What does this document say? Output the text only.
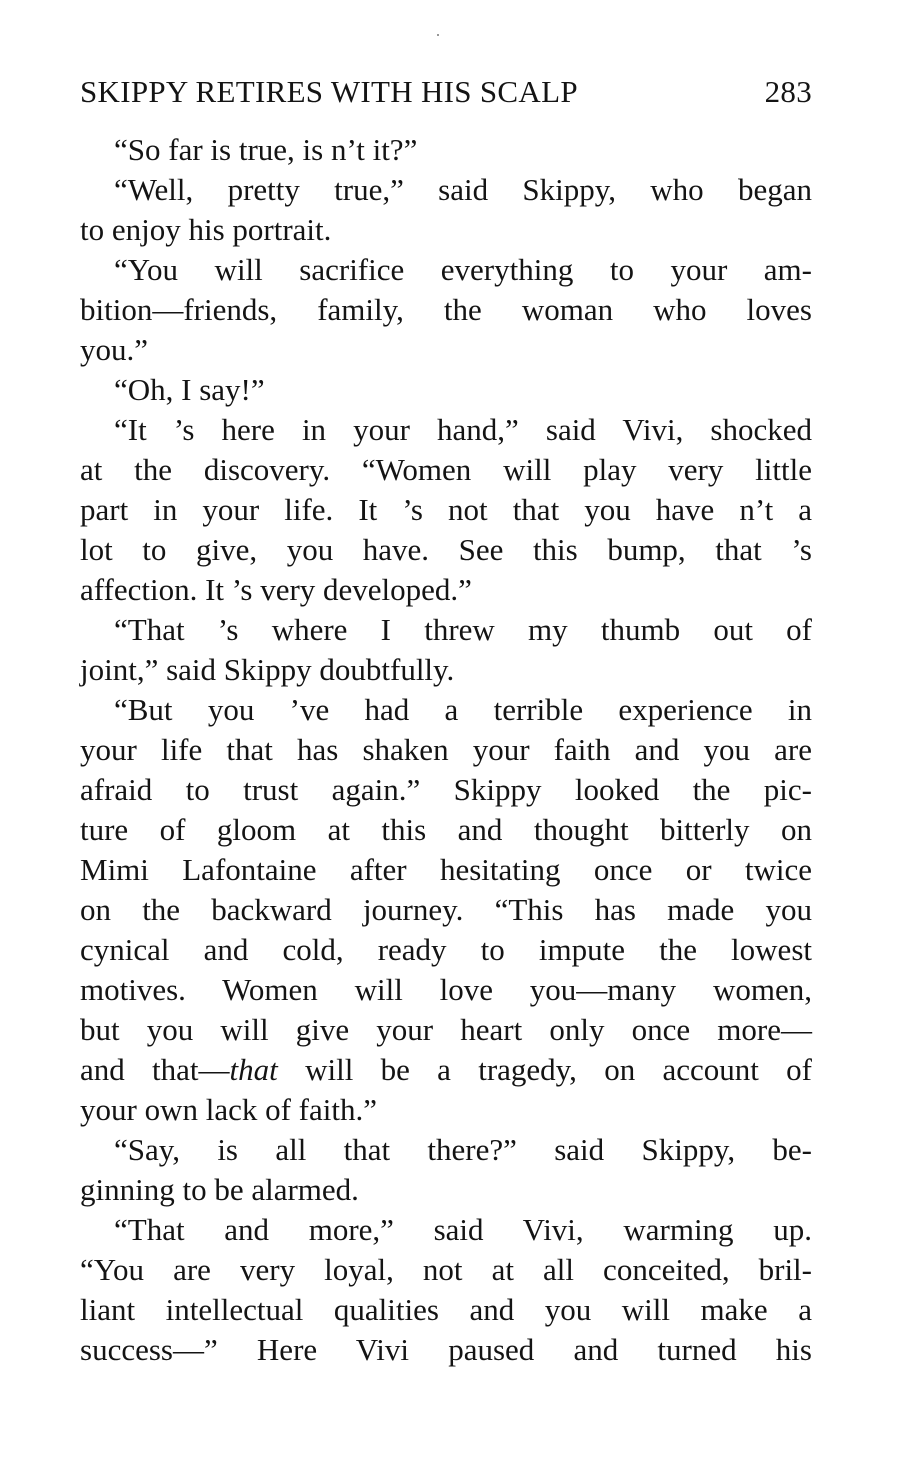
SKIPPY RETIRES WITH HIS SCALP	283
“So far is true, is n’t it?”
“Well, pretty true,” said Skippy, who began
to enjoy his portrait.
“You will sacrifice everything to your am-
bition—friends, family, the woman who loves
you.”
“Oh, I say!”
“It ’s here in your hand,” said Vivi, shocked
at the discovery. “Women will play very little
part in your life. It ’s not that you have n’t a
lot to give, you have. See this bump, that ’s
affection. It ’s very developed.”
“That ’s where I threw my thumb out of
joint,” said Skippy doubtfully.
“But you ’ve had a terrible experience in
your life that has shaken your faith and you are
afraid to trust again.” Skippy looked the pic-
ture of gloom at this and thought bitterly on
Mimi Lafontaine after hesitating once or twice
on the backward journey. “This has made you
cynical and cold, ready to impute the lowest
motives. Women will love you—many women,
but you will give your heart only once more—
and that—that will be a tragedy, on account of
your own lack of faith.”
“Say, is all that there?” said Skippy, be-
ginning to be alarmed.
“That and more,” said Vivi, warming up.
“You are very loyal, not at all conceited, bril-
liant intellectual qualities and you will make a
success—” Here Vivi paused and turned his
